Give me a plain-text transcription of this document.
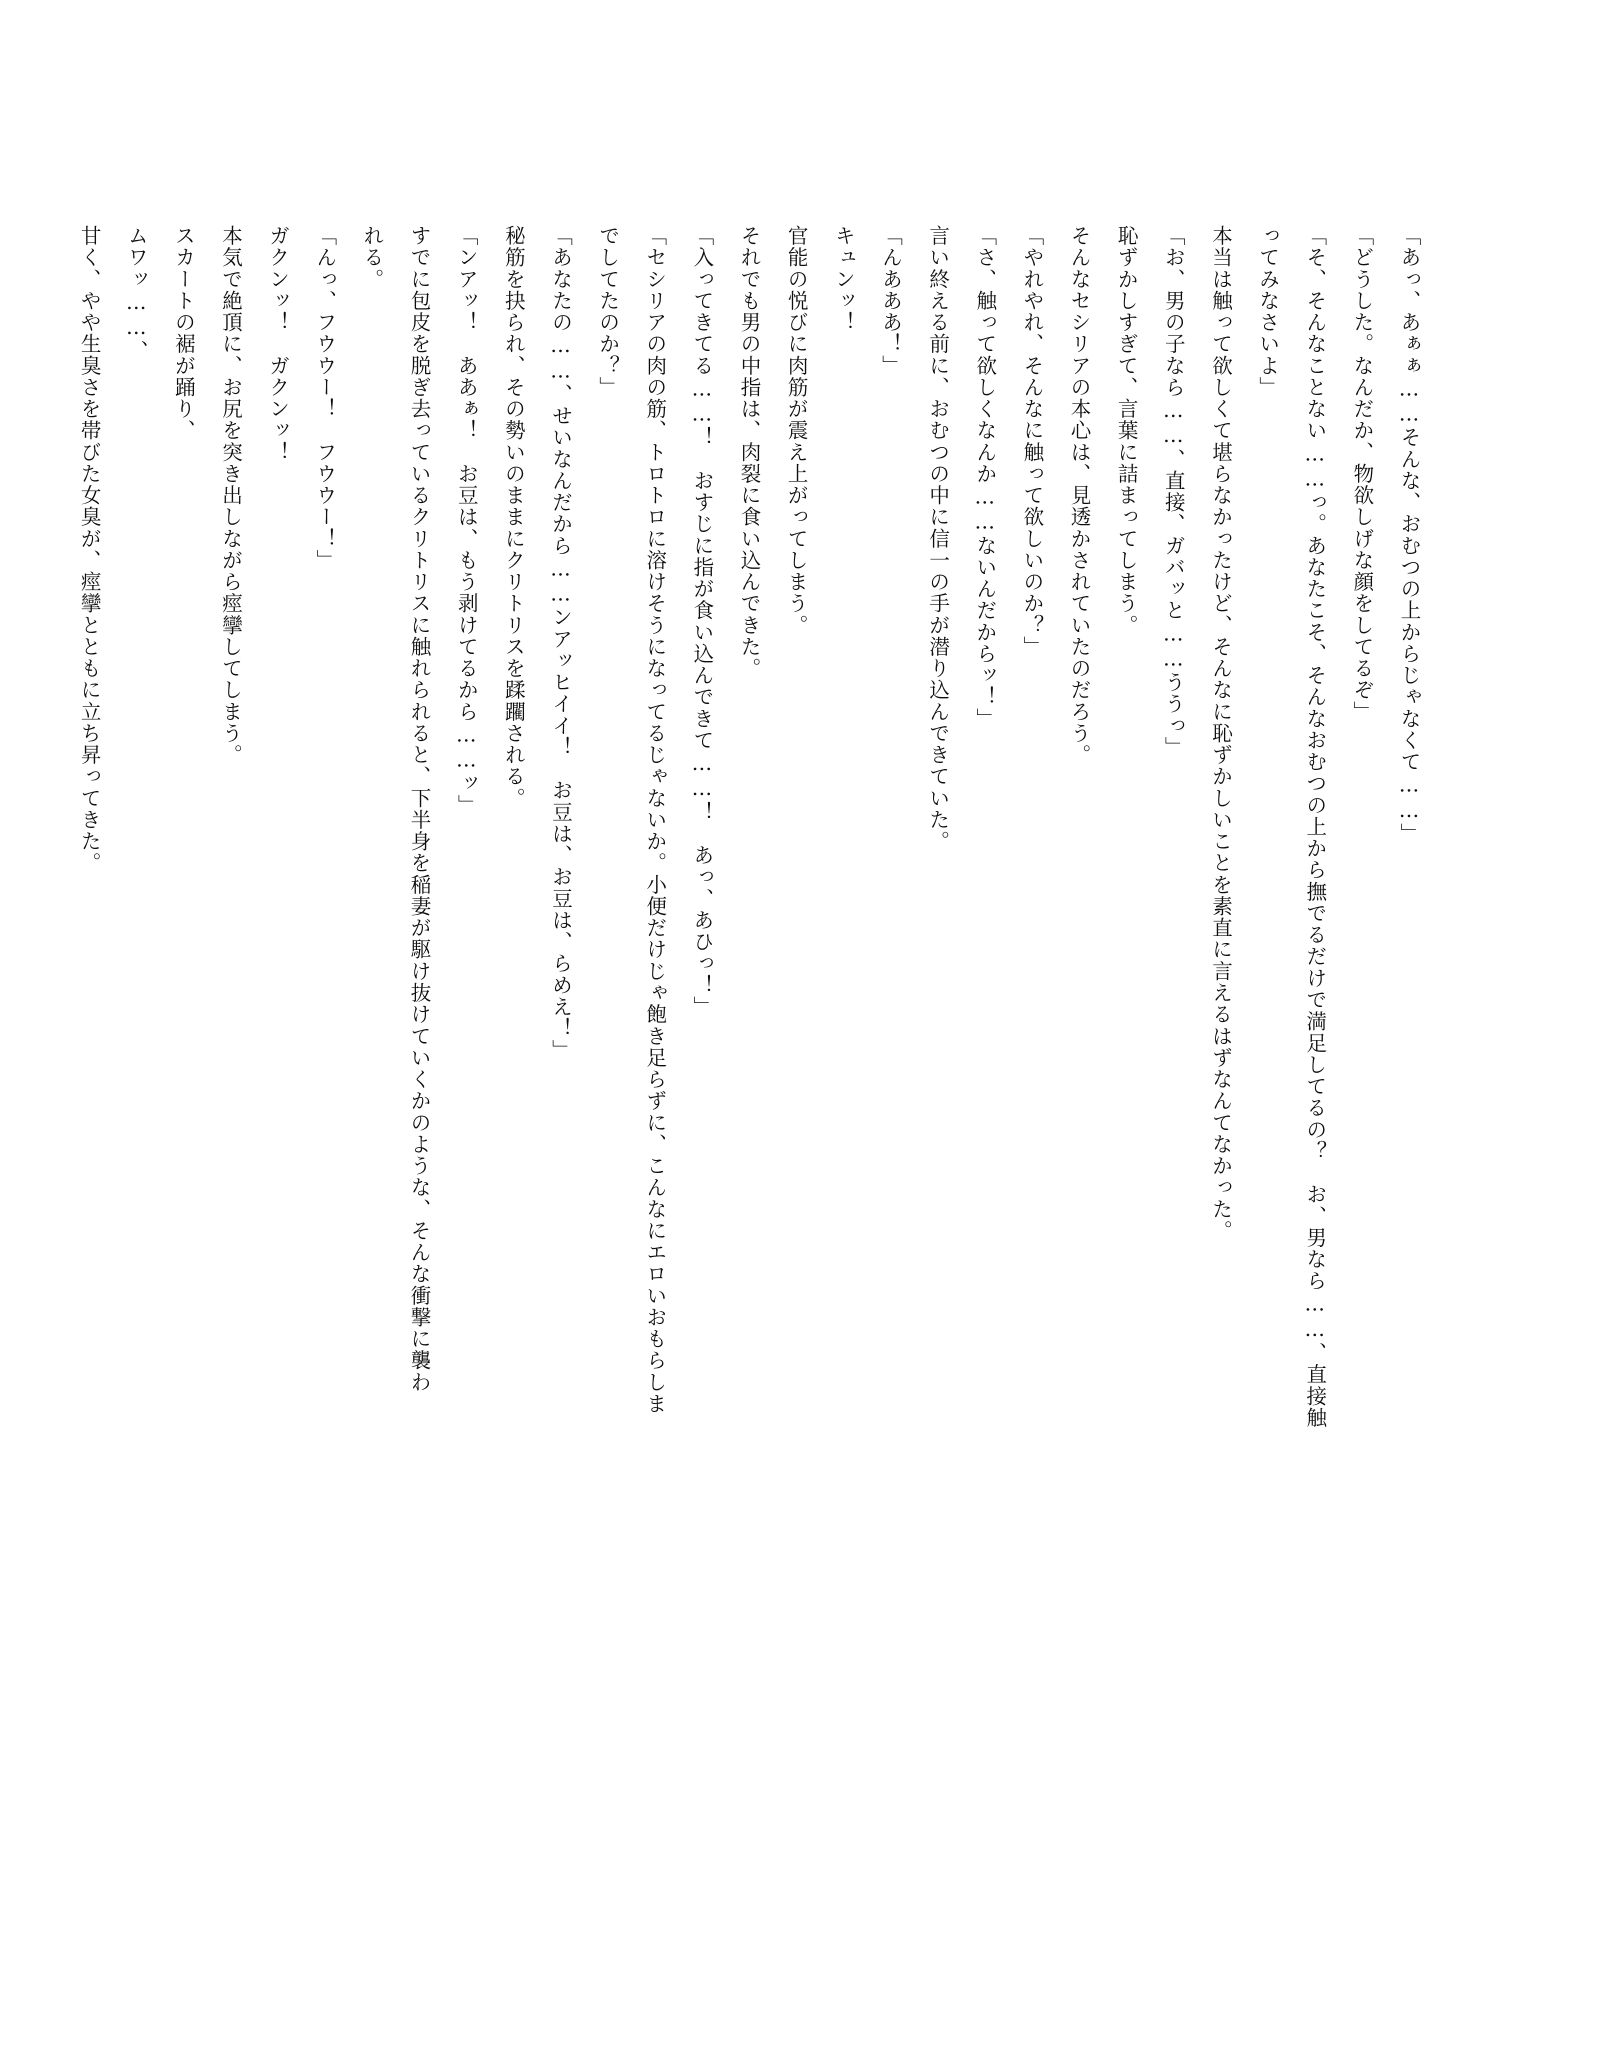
「あっ、あぁぁ……そんな、おむつの上からじゃなくて……」

「どうした。なんだか、物欲しげな顔をしてるぞ」

「そ、そんなことない……っ。あなたこそ、そんなおむつの上から撫でるだけで満足してるの？　お、男なら……、直接触

ってみなさいよ」

本当は触って欲しくて堪らなかったけど、そんなに恥ずかしいことを素直に言えるはずなんてなかった。

「お、男の子なら……、直接、ガバッと……ううっ」

恥ずかしすぎて、言葉に詰まってしまう。

そんなセシリアの本心は、見透かされていたのだろう。

「やれやれ、そんなに触って欲しいのか？」

「さ、触って欲しくなんか……ないんだからッ！」

言い終える前に、おむつの中に信一の手が潜り込んできていた。

「んあああ！」

キュンッ！

官能の悦びに肉筋が震え上がってしまう。

それでも男の中指は、肉裂に食い込んできた。

「入ってきてる……！　おすじに指が食い込んできて……！　あっ、あひっ！」

「セシリアの肉の筋、トロトロに溶けそうになってるじゃないか。小便だけじゃ飽き足らずに、こんなにエロいおもらしま

でしてたのか？」

「あなたの……、せいなんだから……ンアッヒイイ！　お豆は、お豆は、らめえ！」

秘筋を抉られ、その勢いのままにクリトリスを蹂躙される。

「ンアッ！　ああぁ！　お豆は、もう剥けてるから……ッ」

すでに包皮を脱ぎ去っているクリトリスに触れられると、下半身を稲妻が駆け抜けていくかのような、そんな衝撃に襲わ

れる。

「んっ、フウウー！　フウウー！」

ガクンッ！　ガクンッ！

本気で絶頂に、お尻を突き出しながら痙攣してしまう。

スカートの裾が踊り、

ムワッ……、

甘く、やや生臭さを帯びた女臭が、痙攣とともに立ち昇ってきた。
